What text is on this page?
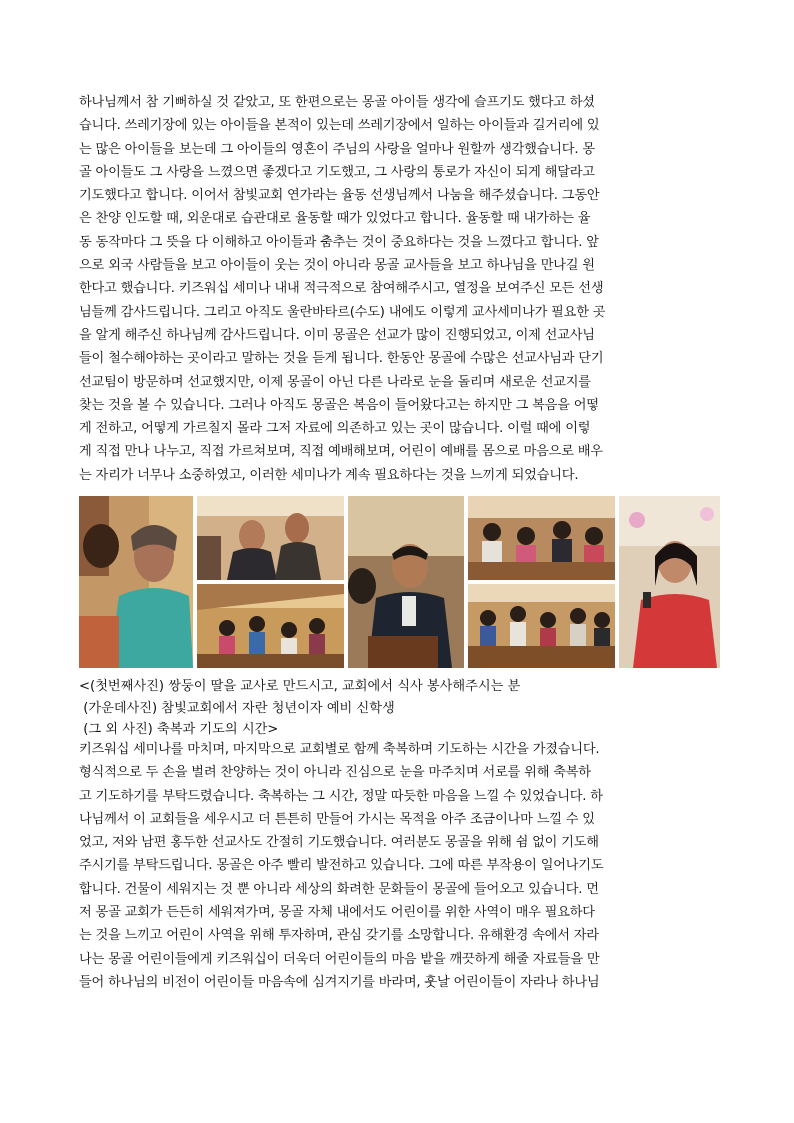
하나님께서 참 기뻐하실 것 같았고, 또 한편으로는 몽골 아이들 생각에 슬프기도 했다고 하셨
습니다. 쓰레기장에 있는 아이들을 본적이 있는데 쓰레기장에서 일하는 아이들과 길거리에 있
는 많은 아이들을 보는데 그 아이들의 영혼이 주님의 사랑을 얼마나 원할까 생각했습니다. 몽
골 아이들도 그 사랑을 느꼈으면 좋겠다고 기도했고, 그 사랑의 통로가 자신이 되게 해달라고
기도했다고 합니다. 이어서 참빛교회 연가라는 율동 선생님께서 나눔을 해주셨습니다. 그동안
은 찬양 인도할 때, 외운대로 습관대로 율동할 때가 있었다고 합니다. 율동할 때 내가하는 율
동 동작마다 그 뜻을 다 이해하고 아이들과 춤추는 것이 중요하다는 것을 느꼈다고 합니다. 앞
으로 외국 사람들을 보고 아이들이 웃는 것이 아니라 몽골 교사들을 보고 하나님을 만나길 원
한다고 했습니다. 키즈워십 세미나 내내 적극적으로 참여해주시고, 열정을 보여주신 모든 선생
님들께 감사드립니다. 그리고 아직도 울란바타르(수도) 내에도 이렇게 교사세미나가 필요한 곳
을 알게 해주신 하나님께 감사드립니다. 이미 몽골은 선교가 많이 진행되었고, 이제 선교사님
들이 철수해야하는 곳이라고 말하는 것을 듣게 됩니다. 한동안 몽골에 수많은 선교사님과 단기
선교팀이 방문하며 선교했지만, 이제 몽골이 아닌 다른 나라로 눈을 돌리며 새로운 선교지를
찾는 것을 볼 수 있습니다. 그러나 아직도 몽골은 복음이 들어왔다고는 하지만 그 복음을 어떻
게 전하고, 어떻게 가르칠지 몰라 그저 자료에 의존하고 있는 곳이 많습니다. 이럴 때에 이렇
게 직접 만나 나누고, 직접 가르쳐보며, 직접 예배해보며, 어린이 예배를 몸으로 마음으로 배우
는 자리가 너무나 소중하였고, 이러한 세미나가 계속 필요하다는 것을 느끼게 되었습니다.
<(첫번째사진) 쌍둥이 딸을 교사로 만드시고, 교회에서 식사 봉사해주시는 분
(가운데사진) 참빛교회에서 자란 청년이자 예비 신학생
(그 외 사진) 축복과 기도의 시간>
키즈워십 세미나를 마치며, 마지막으로 교회별로 함께 축복하며 기도하는 시간을 가졌습니다.
형식적으로 두 손을 벌려 찬양하는 것이 아니라 진심으로 눈을 마주치며 서로를 위해 축복하
고 기도하기를 부탁드렸습니다. 축복하는 그 시간, 정말 따듯한 마음을 느낄 수 있었습니다. 하
나님께서 이 교회들을 세우시고 더 튼튼히 만들어 가시는 목적을 아주 조금이나마 느낄 수 있
었고, 저와 남편 홍두한 선교사도 간절히 기도했습니다. 여러분도 몽골을 위해 쉼 없이 기도해
주시기를 부탁드립니다. 몽골은 아주 빨리 발전하고 있습니다. 그에 따른 부작용이 일어나기도
합니다. 건물이 세워지는 것 뿐 아니라 세상의 화려한 문화들이 몽골에 들어오고 있습니다. 먼
저 몽골 교회가 든든히 세워져가며, 몽골 자체 내에서도 어린이를 위한 사역이 매우 필요하다
는 것을 느끼고 어린이 사역을 위해 투자하며, 관심 갖기를 소망합니다. 유해환경 속에서 자라
나는 몽골 어린이들에게 키즈워십이 더욱더 어린이들의 마음 밭을 깨끗하게 해줄 자료들을 만
들어 하나님의 비전이 어린이들 마음속에 심겨지기를 바라며, 훗날 어린이들이 자라나 하나님
